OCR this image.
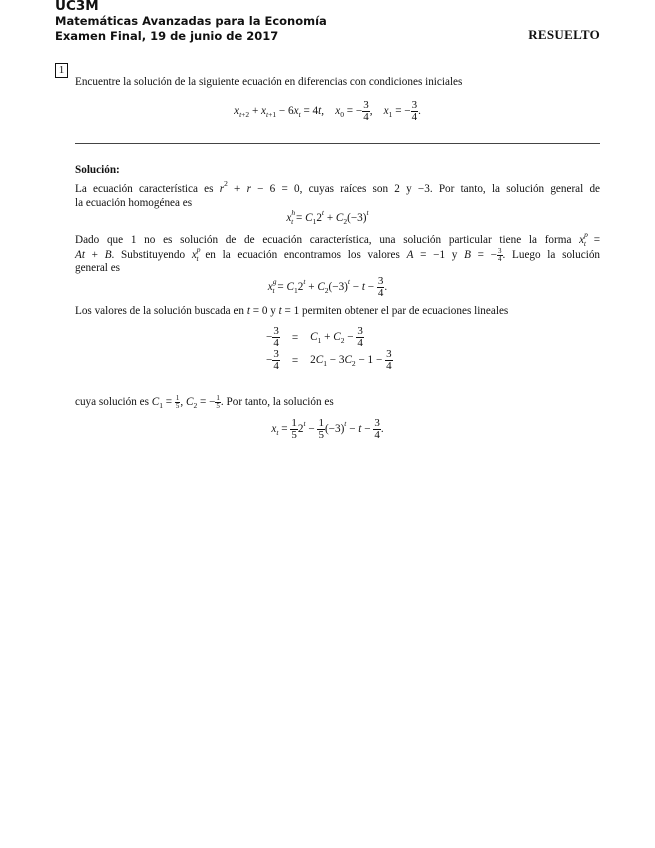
UC3M
Matemáticas Avanzadas para la Economía
Examen Final, 19 de junio de 2017	RESUELTO
1
Encuentre la solución de la siguiente ecuación en diferencias con condiciones iniciales
$x_{t+2} + x_{t+1} - 6x_t = 4t$,    $x_0$ = − $\frac{3}{4}$ ,    $x_1$ = − $\frac{3}{4}$ .
Solución:
La ecuación característica es $r^2 + r - 6 = 0$, cuyas raíces son 2 y −3. Por tanto, la solución general de
la ecuación homogénea es
$x^h_t = C_12^t + C_2(-3)^t$
Dado que 1 no es solución de de ecuación característica, una solución particular tiene la forma $x^p_t$ =
At + B. Substituyendo $x^p_t$ en la ecuación encontramos los valores A = −1 y B = − $\frac{3}{4}$ . Luego la solución
general es
$x^g_t = C_12^t + C_2(-3)^t - t - \frac{3}{4}$ .
Los valores de la solución buscada en t = 0 y t = 1 permiten obtener el par de ecuaciones lineales
− $\frac{3}{4}$	=	$C_1 + C_2 - \frac{3}{4}$

− $\frac{3}{4}$	=	$2C_1 - 3C_2 - 1 - \frac{3}{4}$
cuya solución es $C_1 = \frac{1}{5}$ , $C_2$ = − $\frac{1}{5}$ . Por tanto, la solución es
$x_t = \frac{1}{5} 2^t - \frac{1}{5} (-3)^t - t - \frac{3}{4}$ .
